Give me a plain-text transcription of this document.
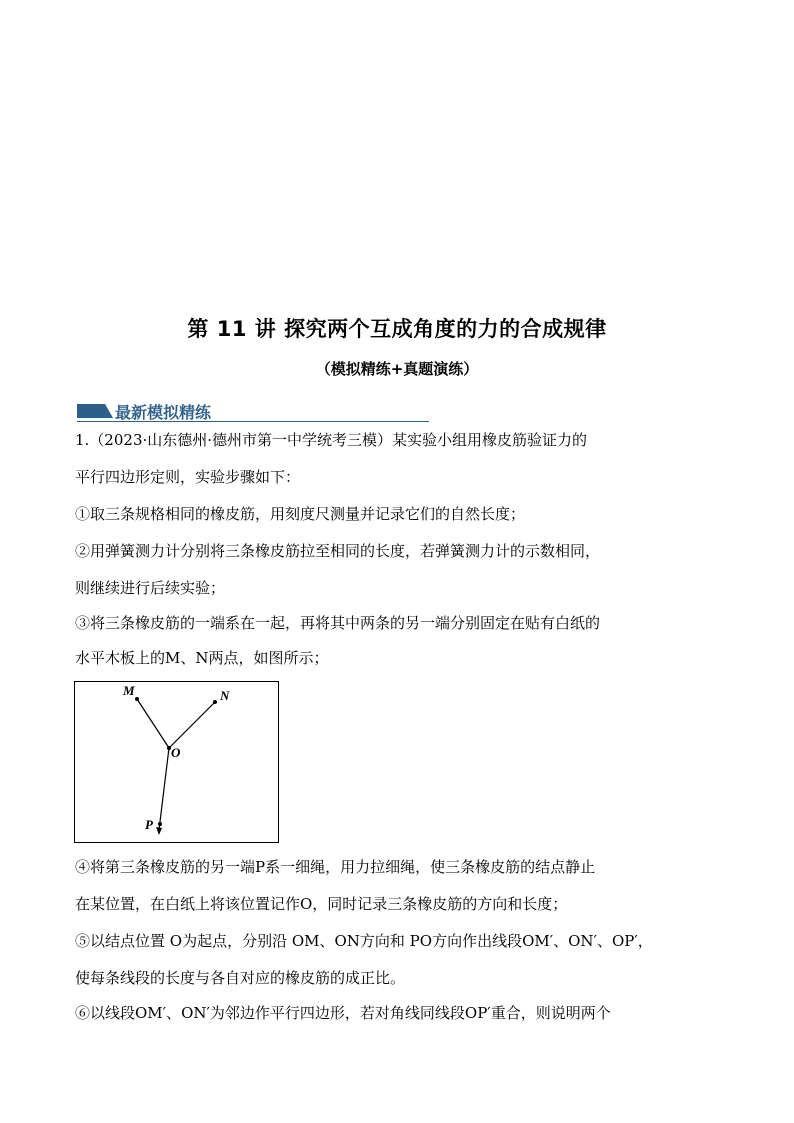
第 11 讲 探究两个互成角度的力的合成规律
（模拟精练+真题演练）
最新模拟精练
1.（2023·山东德州·德州市第一中学统考三模）某实验小组用橡皮筋验证力的
平行四边形定则，实验步骤如下：
①取三条规格相同的橡皮筋，用刻度尺测量并记录它们的自然长度；
②用弹簧测力计分别将三条橡皮筋拉至相同的长度，若弹簧测力计的示数相同，
则继续进行后续实验；
③将三条橡皮筋的一端系在一起，再将其中两条的另一端分别固定在贴有白纸的
水平木板上的M、N两点，如图所示；
M	N
O
P
④将第三条橡皮筋的另一端P系一细绳，用力拉细绳，使三条橡皮筋的结点静止
在某位置，在白纸上将该位置记作O，同时记录三条橡皮筋的方向和长度；
⑤以结点位置 O为起点，分别沿 OM、ON方向和 PO方向作出线段OM′、ON′、OP′，
使每条线段的长度与各自对应的橡皮筋的成正比。
⑥以线段OM′、ON′为邻边作平行四边形，若对角线同线段OP′重合，则说明两个
